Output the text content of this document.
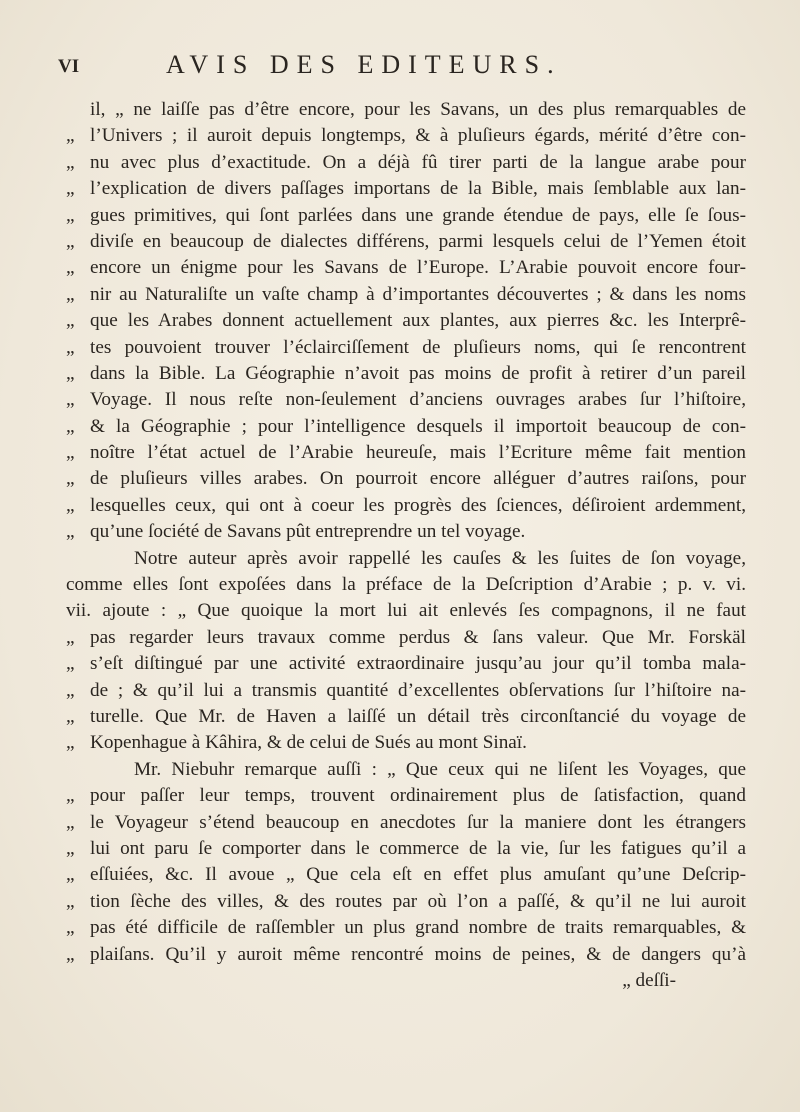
VI	AVIS DES EDITEURS.
il, „ ne laiſſe pas d’être encore, pour les Savans, un des plus remarquables de
„ l’Univers ; il auroit depuis longtemps, & à pluſieurs égards, mérité d’être con-
„ nu avec plus d’exactitude. On a déjà fû tirer parti de la langue arabe pour
„ l’explication de divers paſſages importans de la Bible, mais ſemblable aux lan-
„ gues primitives, qui ſont parlées dans une grande étendue de pays, elle ſe ſous-
„ diviſe en beaucoup de dialectes différens, parmi lesquels celui de l’Yemen étoit
„ encore un énigme pour les Savans de l’Europe. L’Arabie pouvoit encore four-
„ nir au Naturaliſte un vaſte champ à d’importantes découvertes ; & dans les noms
„ que les Arabes donnent actuellement aux plantes, aux pierres &c. les Interprê-
„ tes pouvoient trouver l’éclairciſſement de pluſieurs noms, qui ſe rencontrent
„ dans la Bible. La Géographie n’avoit pas moins de profit à retirer d’un pareil
„ Voyage. Il nous reſte non-ſeulement d’anciens ouvrages arabes ſur l’hiſtoire,
„ & la Géographie ; pour l’intelligence desquels il importoit beaucoup de con-
„ noître l’état actuel de l’Arabie heureuſe, mais l’Ecriture même fait mention
„ de pluſieurs villes arabes. On pourroit encore alléguer d’autres raiſons, pour
„ lesquelles ceux, qui ont à coeur les progrès des ſciences, déſiroient ardemment,
„ qu’une ſociété de Savans pût entreprendre un tel voyage.
Notre auteur après avoir rappellé les cauſes & les ſuites de ſon voyage,
comme elles ſont expoſées dans la préface de la Deſcription d’Arabie ; p. v. vi.
vii. ajoute : „ Que quoique la mort lui ait enlevés ſes compagnons, il ne faut
„ pas regarder leurs travaux comme perdus & ſans valeur. Que Mr. Forskäl
„ s’eſt diſtingué par une activité extraordinaire jusqu’au jour qu’il tomba mala-
„ de ; & qu’il lui a transmis quantité d’excellentes obſervations ſur l’hiſtoire na-
„ turelle. Que Mr. de Haven a laiſſé un détail très circonſtancié du voyage de
„ Kopenhague à Kâhira, & de celui de Sués au mont Sinaï.
Mr. Niebuhr remarque auſſi : „ Que ceux qui ne liſent les Voyages, que
„ pour paſſer leur temps, trouvent ordinairement plus de ſatisfaction, quand
„ le Voyageur s’étend beaucoup en anecdotes ſur la maniere dont les étrangers
„ lui ont paru ſe comporter dans le commerce de la vie, ſur les fatigues qu’il a
„ eſſuiées, &c. Il avoue „ Que cela eſt en effet plus amuſant qu’une Deſcrip-
„ tion ſèche des villes, & des routes par où l’on a paſſé, & qu’il ne lui auroit
„ pas été difficile de raſſembler un plus grand nombre de traits remarquables, &
„ plaiſans. Qu’il y auroit même rencontré moins de peines, & de dangers qu’à
„ deſſi-
